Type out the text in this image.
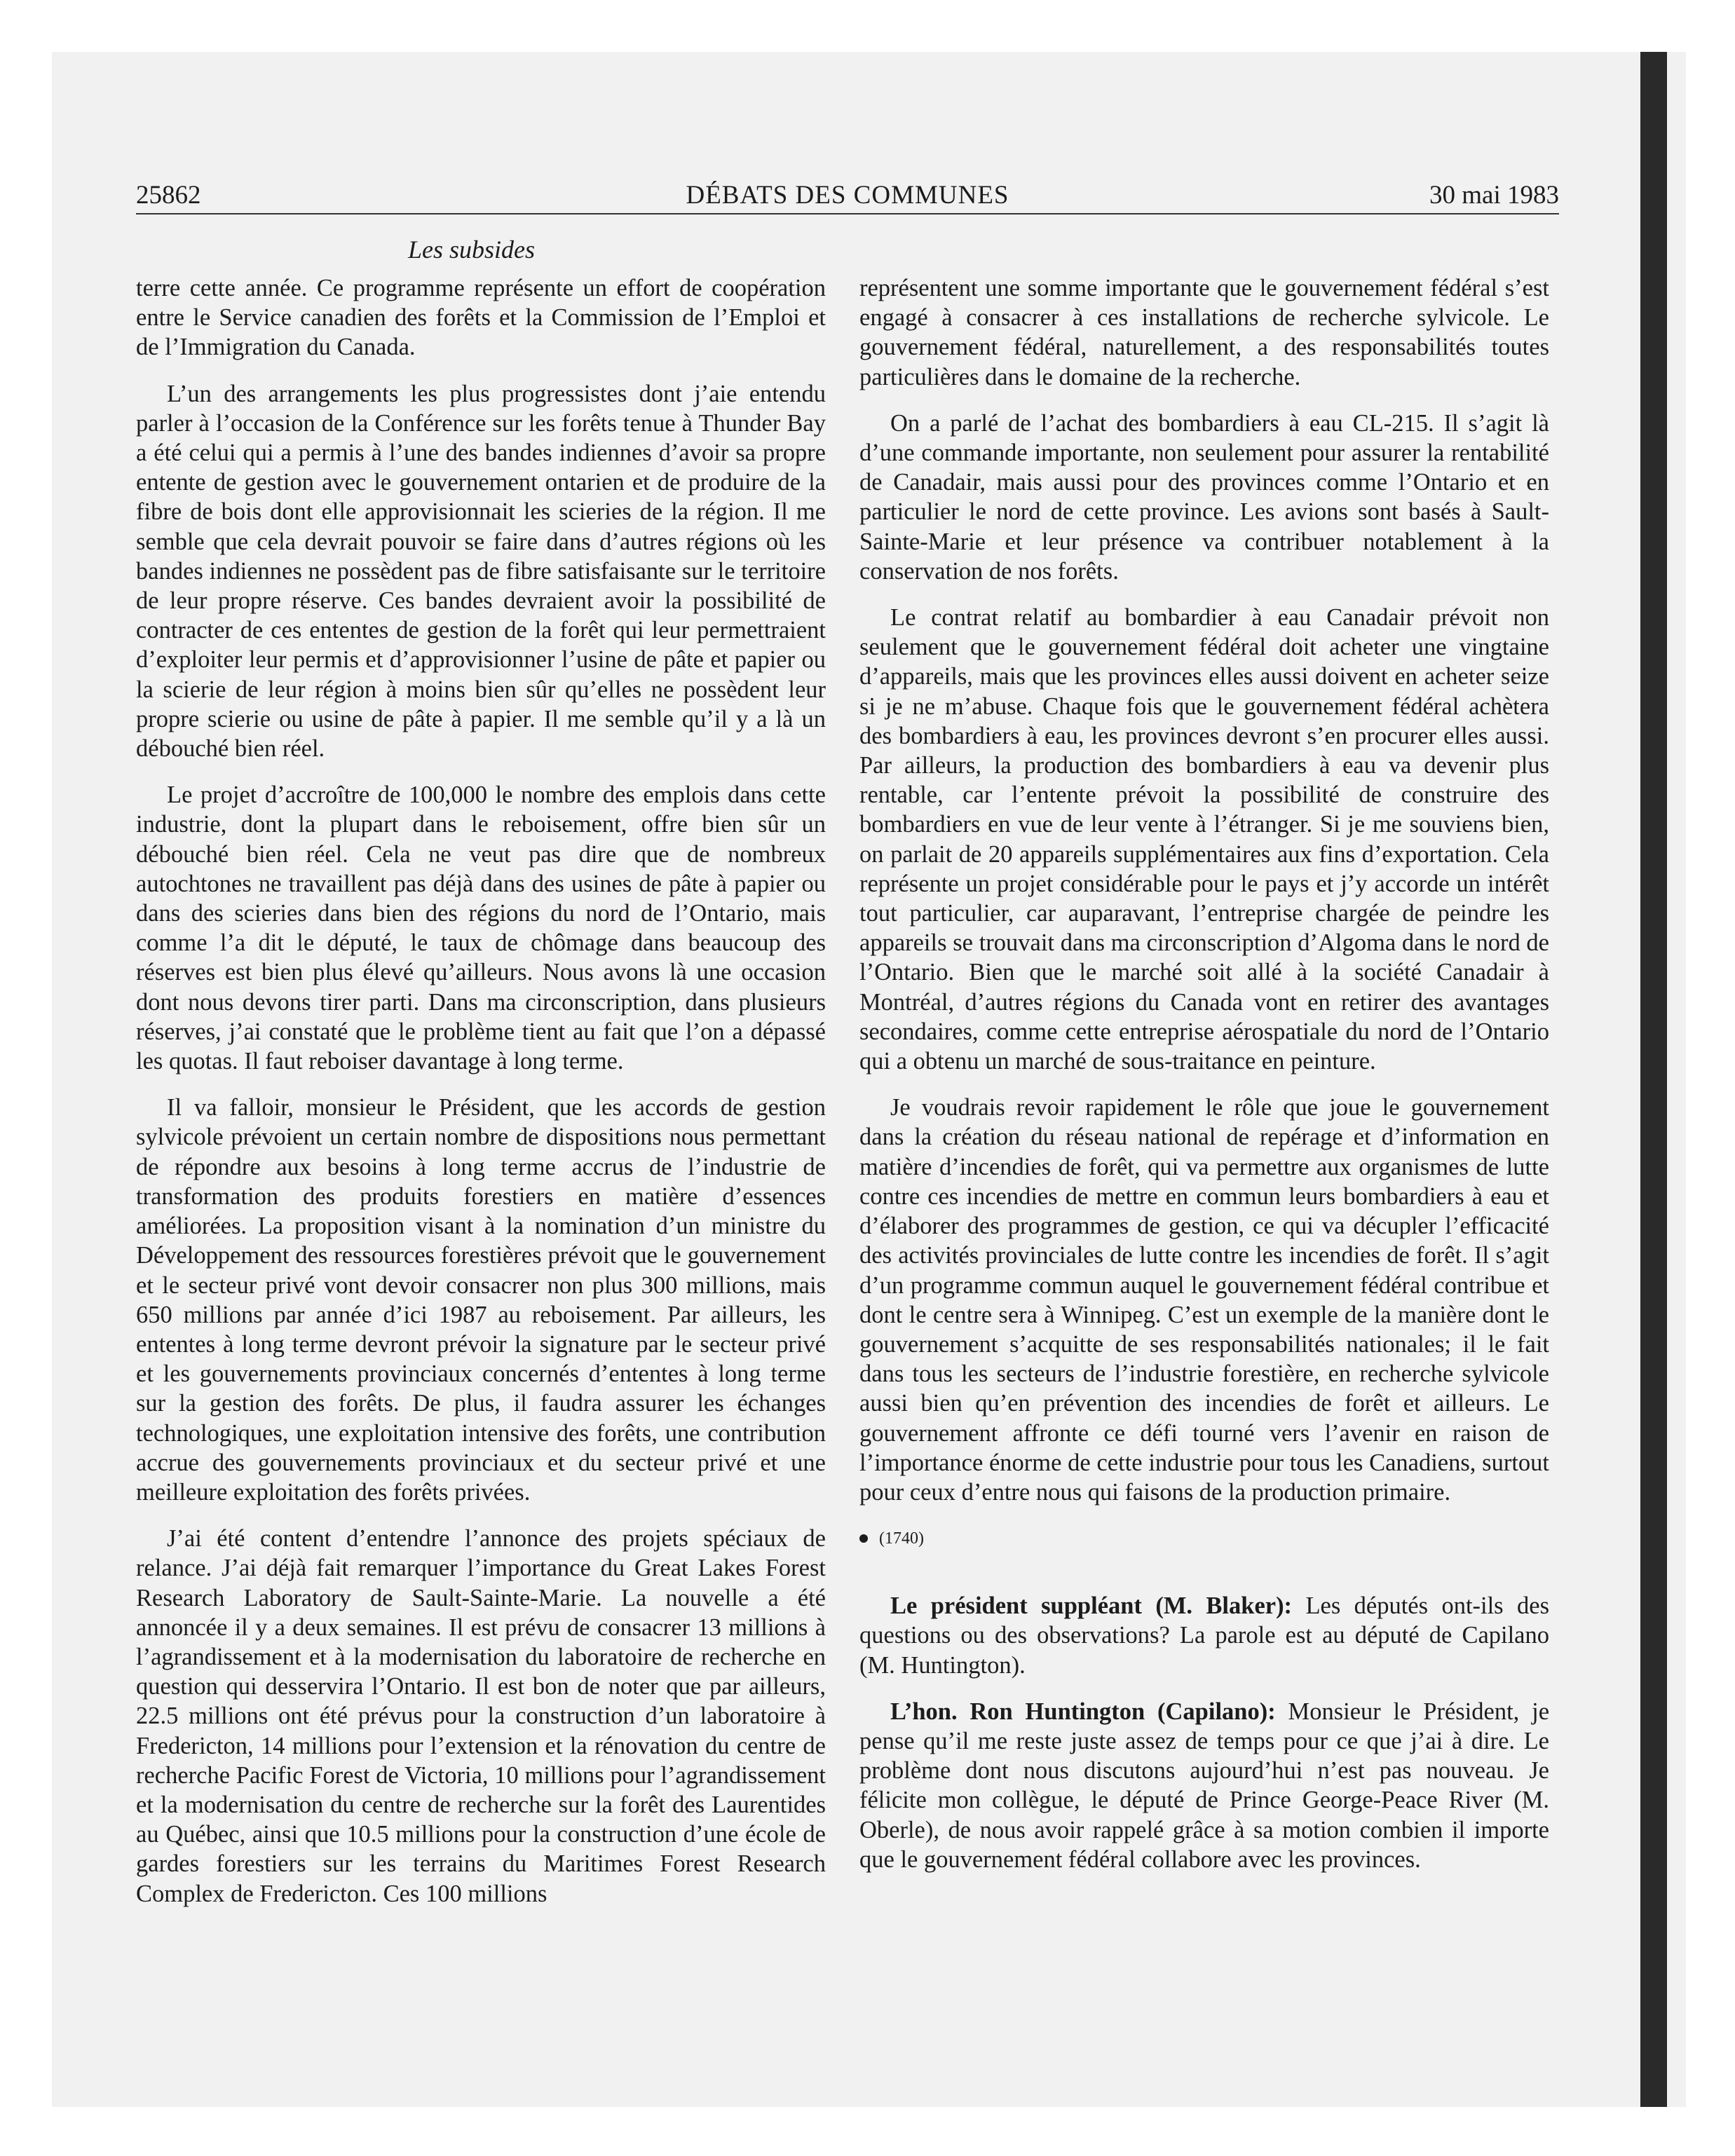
25862	DÉBATS DES COMMUNES	30 mai 1983
Les subsides

terre cette année. Ce programme représente un effort de coopération entre le Service canadien des forêts et la Commission de l’Emploi et de l’Immigration du Canada.

L’un des arrangements les plus progressistes dont j’aie entendu parler à l’occasion de la Conférence sur les forêts tenue à Thunder Bay a été celui qui a permis à l’une des bandes indiennes d’avoir sa propre entente de gestion avec le gouvernement ontarien et de produire de la fibre de bois dont elle approvisionnait les scieries de la région. Il me semble que cela devrait pouvoir se faire dans d’autres régions où les bandes indiennes ne possèdent pas de fibre satisfaisante sur le territoire de leur propre réserve. Ces bandes devraient avoir la possibilité de contracter de ces ententes de gestion de la forêt qui leur permettraient d’exploiter leur permis et d’approvisionner l’usine de pâte et papier ou la scierie de leur région à moins bien sûr qu’elles ne possèdent leur propre scierie ou usine de pâte à papier. Il me semble qu’il y a là un débouché bien réel.

Le projet d’accroître de 100,000 le nombre des emplois dans cette industrie, dont la plupart dans le reboisement, offre bien sûr un débouché bien réel. Cela ne veut pas dire que de nombreux autochtones ne travaillent pas déjà dans des usines de pâte à papier ou dans des scieries dans bien des régions du nord de l’Ontario, mais comme l’a dit le député, le taux de chômage dans beaucoup des réserves est bien plus élevé qu’ailleurs. Nous avons là une occasion dont nous devons tirer parti. Dans ma circonscription, dans plusieurs réserves, j’ai constaté que le problème tient au fait que l’on a dépassé les quotas. Il faut reboiser davantage à long terme.

Il va falloir, monsieur le Président, que les accords de gestion sylvicole prévoient un certain nombre de dispositions nous permettant de répondre aux besoins à long terme accrus de l’industrie de transformation des produits forestiers en matière d’essences améliorées. La proposition visant à la nomination d’un ministre du Développement des ressources forestières prévoit que le gouvernement et le secteur privé vont devoir consacrer non plus 300 millions, mais 650 millions par année d’ici 1987 au reboisement. Par ailleurs, les ententes à long terme devront prévoir la signature par le secteur privé et les gouvernements provinciaux concernés d’ententes à long terme sur la gestion des forêts. De plus, il faudra assurer les échanges technologiques, une exploitation intensive des forêts, une contribution accrue des gouvernements provinciaux et du secteur privé et une meilleure exploitation des forêts privées.

J’ai été content d’entendre l’annonce des projets spéciaux de relance. J’ai déjà fait remarquer l’importance du Great Lakes Forest Research Laboratory de Sault-Sainte-Marie. La nouvelle a été annoncée il y a deux semaines. Il est prévu de consacrer 13 millions à l’agrandissement et à la modernisation du laboratoire de recherche en question qui desservira l’Ontario. Il est bon de noter que par ailleurs, 22.5 millions ont été prévus pour la construction d’un laboratoire à Fredericton, 14 millions pour l’extension et la rénovation du centre de recherche Pacific Forest de Victoria, 10 millions pour l’agrandissement et la modernisation du centre de recherche sur la forêt des Laurentides au Québec, ainsi que 10.5 millions pour la construction d’une école de gardes forestiers sur les terrains du Maritimes Forest Research Complex de Fredericton. Ces 100 millions

représentent une somme importante que le gouvernement fédéral s’est engagé à consacrer à ces installations de recherche sylvicole. Le gouvernement fédéral, naturellement, a des responsabilités toutes particulières dans le domaine de la recherche.

On a parlé de l’achat des bombardiers à eau CL-215. Il s’agit là d’une commande importante, non seulement pour assurer la rentabilité de Canadair, mais aussi pour des provinces comme l’Ontario et en particulier le nord de cette province. Les avions sont basés à Sault-Sainte-Marie et leur présence va contribuer notablement à la conservation de nos forêts.

Le contrat relatif au bombardier à eau Canadair prévoit non seulement que le gouvernement fédéral doit acheter une vingtaine d’appareils, mais que les provinces elles aussi doivent en acheter seize si je ne m’abuse. Chaque fois que le gouvernement fédéral achètera des bombardiers à eau, les provinces devront s’en procurer elles aussi. Par ailleurs, la production des bombardiers à eau va devenir plus rentable, car l’entente prévoit la possibilité de construire des bombardiers en vue de leur vente à l’étranger. Si je me souviens bien, on parlait de 20 appareils supplémentaires aux fins d’exportation. Cela représente un projet considérable pour le pays et j’y accorde un intérêt tout particulier, car auparavant, l’entreprise chargée de peindre les appareils se trouvait dans ma circonscription d’Algoma dans le nord de l’Ontario. Bien que le marché soit allé à la société Canadair à Montréal, d’autres régions du Canada vont en retirer des avantages secondaires, comme cette entreprise aérospatiale du nord de l’Ontario qui a obtenu un marché de sous-traitance en peinture.

Je voudrais revoir rapidement le rôle que joue le gouvernement dans la création du réseau national de repérage et d’information en matière d’incendies de forêt, qui va permettre aux organismes de lutte contre ces incendies de mettre en commun leurs bombardiers à eau et d’élaborer des programmes de gestion, ce qui va décupler l’efficacité des activités provinciales de lutte contre les incendies de forêt. Il s’agit d’un programme commun auquel le gouvernement fédéral contribue et dont le centre sera à Winnipeg. C’est un exemple de la manière dont le gouvernement s’acquitte de ses responsabilités nationales; il le fait dans tous les secteurs de l’industrie forestière, en recherche sylvicole aussi bien qu’en prévention des incendies de forêt et ailleurs. Le gouvernement affronte ce défi tourné vers l’avenir en raison de l’importance énorme de cette industrie pour tous les Canadiens, surtout pour ceux d’entre nous qui faisons de la production primaire.

(1740)

Le président suppléant (M. Blaker): Les députés ont-ils des questions ou des observations? La parole est au député de Capilano (M. Huntington).

L’hon. Ron Huntington (Capilano): Monsieur le Président, je pense qu’il me reste juste assez de temps pour ce que j’ai à dire. Le problème dont nous discutons aujourd’hui n’est pas nouveau. Je félicite mon collègue, le député de Prince George-Peace River (M. Oberle), de nous avoir rappelé grâce à sa motion combien il importe que le gouvernement fédéral collabore avec les provinces.
